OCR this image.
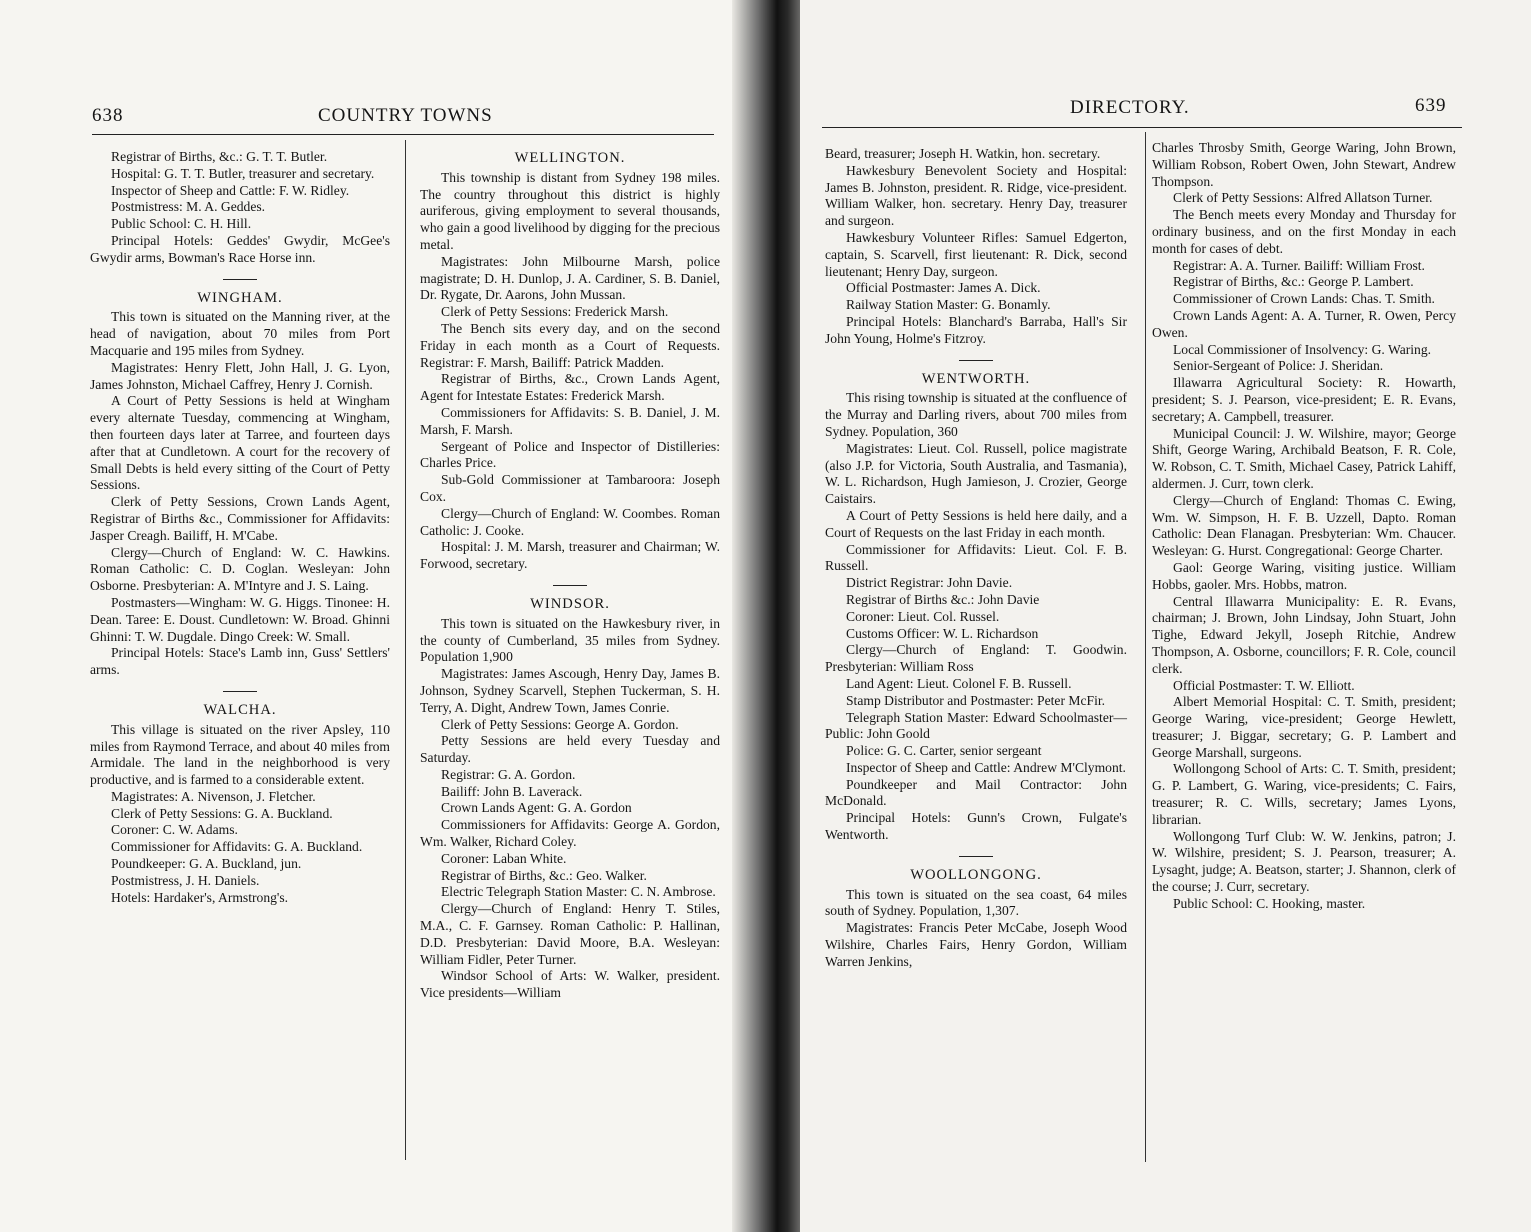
638	COUNTRY TOWNS

Registrar of Births, &c.: G. T. T. Butler.

Hospital: G. T. T. Butler, treasurer and secretary.

Inspector of Sheep and Cattle: F. W. Ridley.

Postmistress: M. A. Geddes.

Public School: C. H. Hill.

Principal Hotels: Geddes' Gwydir, McGee's Gwydir arms, Bowman's Race Horse inn.

WINGHAM.

This town is situated on the Manning river, at the head of navigation, about 70 miles from Port Macquarie and 195 miles from Sydney.

Magistrates: Henry Flett, John Hall, J. G. Lyon, James Johnston, Michael Caffrey, Henry J. Cornish.

A Court of Petty Sessions is held at Wingham every alternate Tuesday, commencing at Wingham, then fourteen days later at Tarree, and fourteen days after that at Cundletown. A court for the recovery of Small Debts is held every sitting of the Court of Petty Sessions.

Clerk of Petty Sessions, Crown Lands Agent, Registrar of Births &c., Commissioner for Affidavits: Jasper Creagh. Bailiff, H. M'Cabe.

Clergy—Church of England: W. C. Hawkins. Roman Catholic: C. D. Coglan. Wesleyan: John Osborne. Presbyterian: A. M'Intyre and J. S. Laing.

Postmasters—Wingham: W. G. Higgs. Tinonee: H. Dean. Taree: E. Doust. Cundletown: W. Broad. Ghinni Ghinni: T. W. Dugdale. Dingo Creek: W. Small.

Principal Hotels: Stace's Lamb inn, Guss' Settlers' arms.

WALCHA.

This village is situated on the river Apsley, 110 miles from Raymond Terrace, and about 40 miles from Armidale. The land in the neighborhood is very productive, and is farmed to a considerable extent.

Magistrates: A. Nivenson, J. Fletcher.

Clerk of Petty Sessions: G. A. Buckland.

Coroner: C. W. Adams.

Commissioner for Affidavits: G. A. Buckland.

Poundkeeper: G. A. Buckland, jun.

Postmistress, J. H. Daniels.

Hotels: Hardaker's, Armstrong's.

WELLINGTON.

This township is distant from Sydney 198 miles. The country throughout this district is highly auriferous, giving employment to several thousands, who gain a good livelihood by digging for the precious metal.

Magistrates: John Milbourne Marsh, police magistrate; D. H. Dunlop, J. A. Cardiner, S. B. Daniel, Dr. Rygate, Dr. Aarons, John Mussan.

Clerk of Petty Sessions: Frederick Marsh.

The Bench sits every day, and on the second Friday in each month as a Court of Requests. Registrar: F. Marsh, Bailiff: Patrick Madden.

Registrar of Births, &c., Crown Lands Agent, Agent for Intestate Estates: Frederick Marsh.

Commissioners for Affidavits: S. B. Daniel, J. M. Marsh, F. Marsh.

Sergeant of Police and Inspector of Distilleries: Charles Price.

Sub-Gold Commissioner at Tambaroora: Joseph Cox.

Clergy—Church of England: W. Coombes. Roman Catholic: J. Cooke.

Hospital: J. M. Marsh, treasurer and Chairman; W. Forwood, secretary.

WINDSOR.

This town is situated on the Hawkesbury river, in the county of Cumberland, 35 miles from Sydney. Population 1,900

Magistrates: James Ascough, Henry Day, James B. Johnson, Sydney Scarvell, Stephen Tuckerman, S. H. Terry, A. Dight, Andrew Town, James Conrie.

Clerk of Petty Sessions: George A. Gordon.

Petty Sessions are held every Tuesday and Saturday.

Registrar: G. A. Gordon.

Bailiff: John B. Laverack.

Crown Lands Agent: G. A. Gordon

Commissioners for Affidavits: George A. Gordon, Wm. Walker, Richard Coley.

Coroner: Laban White.

Registrar of Births, &c.: Geo. Walker.

Electric Telegraph Station Master: C. N. Ambrose.

Clergy—Church of England: Henry T. Stiles, M.A., C. F. Garnsey. Roman Catholic: P. Hallinan, D.D. Presbyterian: David Moore, B.A. Wesleyan: William Fidler, Peter Turner.

Windsor School of Arts: W. Walker, president. Vice presidents—William

DIRECTORY.	639

Beard, treasurer; Joseph H. Watkin, hon. secretary.

Hawkesbury Benevolent Society and Hospital: James B. Johnston, president. R. Ridge, vice-president. William Walker, hon. secretary. Henry Day, treasurer and surgeon.

Hawkesbury Volunteer Rifles: Samuel Edgerton, captain, S. Scarvell, first lieutenant: R. Dick, second lieutenant; Henry Day, surgeon.

Official Postmaster: James A. Dick.

Railway Station Master: G. Bonamly.

Principal Hotels: Blanchard's Barraba, Hall's Sir John Young, Holme's Fitzroy.

WENTWORTH.

This rising township is situated at the confluence of the Murray and Darling rivers, about 700 miles from Sydney. Population, 360

Magistrates: Lieut. Col. Russell, police magistrate (also J.P. for Victoria, South Australia, and Tasmania), W. L. Richardson, Hugh Jamieson, J. Crozier, George Caistairs.

A Court of Petty Sessions is held here daily, and a Court of Requests on the last Friday in each month.

Commissioner for Affidavits: Lieut. Col. F. B. Russell.

District Registrar: John Davie.

Registrar of Births &c.: John Davie

Coroner: Lieut. Col. Russel.

Customs Officer: W. L. Richardson

Clergy—Church of England: T. Goodwin. Presbyterian: William Ross

Land Agent: Lieut. Colonel F. B. Russell.

Stamp Distributor and Postmaster: Peter McFir.

Telegraph Station Master: Edward Schoolmaster—Public: John Goold

Police: G. C. Carter, senior sergeant

Inspector of Sheep and Cattle: Andrew M'Clymont.

Poundkeeper and Mail Contractor: John McDonald.

Principal Hotels: Gunn's Crown, Fulgate's Wentworth.

WOOLLONGONG.

This town is situated on the sea coast, 64 miles south of Sydney. Population, 1,307.

Magistrates: Francis Peter McCabe, Joseph Wood Wilshire, Charles Fairs, Henry Gordon, William Warren Jenkins,

Charles Throsby Smith, George Waring, John Brown, William Robson, Robert Owen, John Stewart, Andrew Thompson.

Clerk of Petty Sessions: Alfred Allatson Turner.

The Bench meets every Monday and Thursday for ordinary business, and on the first Monday in each month for cases of debt.

Registrar: A. A. Turner. Bailiff: William Frost.

Registrar of Births, &c.: George P. Lambert.

Commissioner of Crown Lands: Chas. T. Smith.

Crown Lands Agent: A. A. Turner, R. Owen, Percy Owen.

Local Commissioner of Insolvency: G. Waring.

Senior-Sergeant of Police: J. Sheridan.

Illawarra Agricultural Society: R. Howarth, president; S. J. Pearson, vice-president; E. R. Evans, secretary; A. Campbell, treasurer.

Municipal Council: J. W. Wilshire, mayor; George Shift, George Waring, Archibald Beatson, F. R. Cole, W. Robson, C. T. Smith, Michael Casey, Patrick Lahiff, aldermen. J. Curr, town clerk.

Clergy—Church of England: Thomas C. Ewing, Wm. W. Simpson, H. F. B. Uzzell, Dapto. Roman Catholic: Dean Flanagan. Presbyterian: Wm. Chaucer. Wesleyan: G. Hurst. Congregational: George Charter.

Gaol: George Waring, visiting justice. William Hobbs, gaoler. Mrs. Hobbs, matron.

Central Illawarra Municipality: E. R. Evans, chairman; J. Brown, John Lindsay, John Stuart, John Tighe, Edward Jekyll, Joseph Ritchie, Andrew Thompson, A. Osborne, councillors; F. R. Cole, council clerk.

Official Postmaster: T. W. Elliott.

Albert Memorial Hospital: C. T. Smith, president; George Waring, vice-president; George Hewlett, treasurer; J. Biggar, secretary; G. P. Lambert and George Marshall, surgeons.

Wollongong School of Arts: C. T. Smith, president; G. P. Lambert, G. Waring, vice-presidents; C. Fairs, treasurer; R. C. Wills, secretary; James Lyons, librarian.

Wollongong Turf Club: W. W. Jenkins, patron; J. W. Wilshire, president; S. J. Pearson, treasurer; A. Lysaght, judge; A. Beatson, starter; J. Shannon, clerk of the course; J. Curr, secretary.

Public School: C. Hooking, master.
